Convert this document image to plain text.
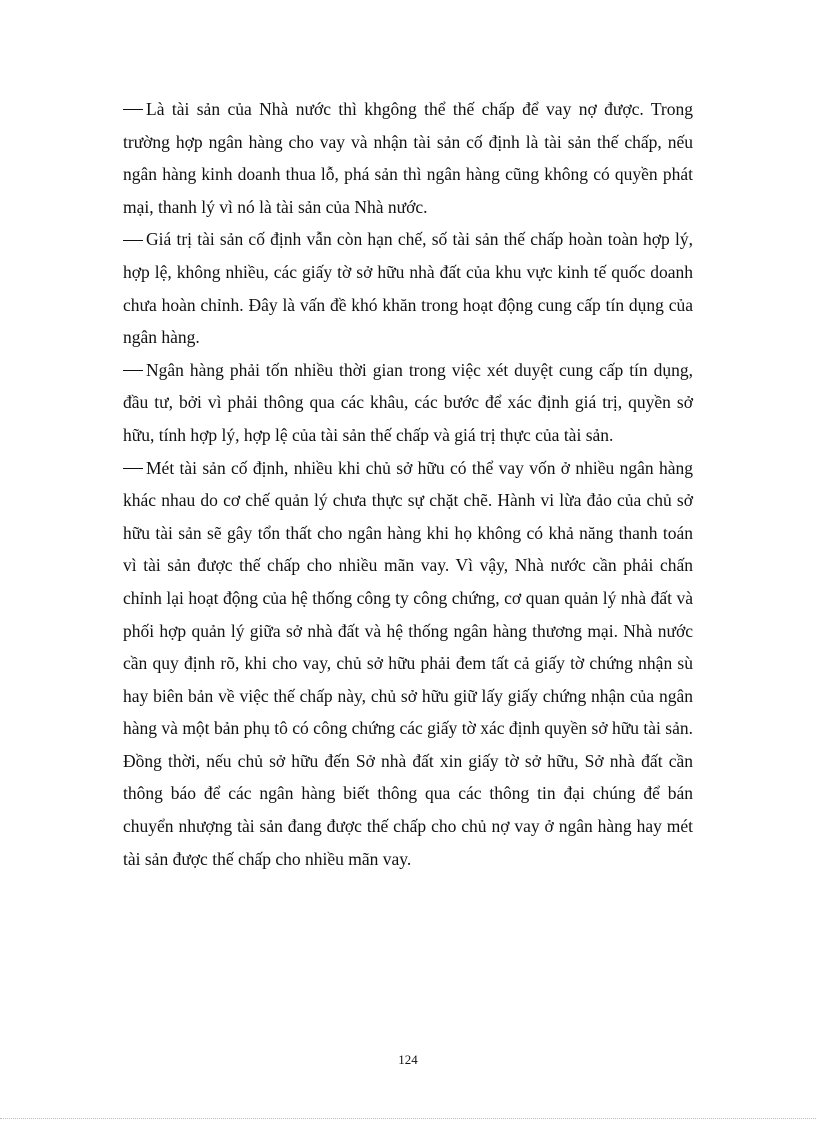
Là tài sản của Nhà nước thì khgông thể thế chấp để vay nợ được. Trong trường hợp ngân hàng cho vay và nhận tài sản cố định là tài sản thế chấp, nếu ngân hàng kinh doanh thua lỗ, phá sản thì ngân hàng cũng không có quyền phát mại, thanh lý vì nó là tài sản của Nhà nước.

Giá trị tài sản cố định vẫn còn hạn chế, số tài sản thế chấp hoàn toàn hợp lý, hợp lệ, không nhiều, các giấy tờ sở hữu nhà đất của khu vực kinh tế quốc doanh chưa hoàn chỉnh. Đây là vấn đề khó khăn trong hoạt động cung cấp tín dụng của ngân hàng.

Ngân hàng phải tốn nhiều thời gian trong việc xét duyệt cung cấp tín dụng, đầu tư, bởi vì phải thông qua các khâu, các bước để xác định giá trị, quyền sở hữu, tính hợp lý, hợp lệ của tài sản thế chấp và giá trị thực của tài sản.

Mét tài sản cố định, nhiều khi chủ sở hữu có thể vay vốn ở nhiều ngân hàng khác nhau do cơ chế quản lý chưa thực sự chặt chẽ. Hành vi lừa đảo của chủ sở hữu tài sản sẽ gây tổn thất cho ngân hàng khi họ không có khả năng thanh toán vì tài sản được thế chấp cho nhiều mãn vay. Vì vậy, Nhà nước cần phải chấn chỉnh lại hoạt động của hệ thống công ty công chứng, cơ quan quản lý nhà đất và phối hợp quản lý giữa sở nhà đất và hệ thống ngân hàng thương mại. Nhà nước cần quy định rõ, khi cho vay, chủ sở hữu phải đem tất cả giấy tờ chứng nhận sù hay biên bản về việc thế chấp này, chủ sở hữu giữ lấy giấy chứng nhận của ngân hàng và một bản phụ tô có công chứng các giấy tờ xác định quyền sở hữu tài sản. Đồng thời, nếu chủ sở hữu đến Sở nhà đất xin giấy tờ sở hữu, Sở nhà đất cần thông báo để các ngân hàng biết thông qua các thông tin đại chúng để bán chuyển nhượng tài sản đang được thế chấp cho chủ nợ vay ở ngân hàng hay mét tài sản được thế chấp cho nhiều mãn vay.

124
